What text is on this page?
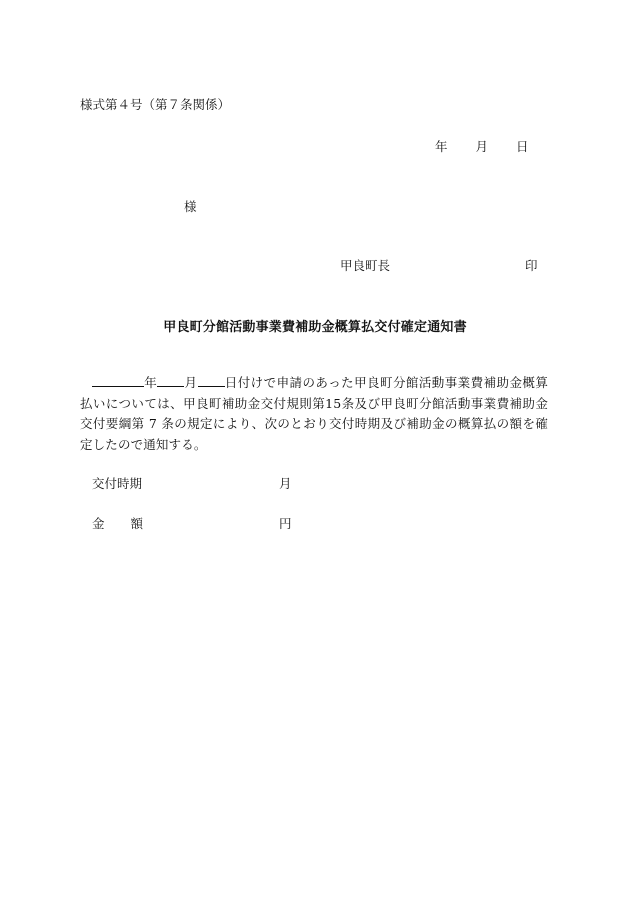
様式第４号（第７条関係）
年 月 日
様
甲良町長	印
甲良町分館活動事業費補助金概算払交付確定通知書
年 月 日付けで申請のあった甲良町分館活動事業費補助金概算払いについては、甲良町補助金交付規則第15条及び甲良町分館活動事業費補助金交付要綱第 7 条の規定により、次のとおり交付時期及び補助金の概算払の額を確定したので通知する。
交付時期	月
金 額	円
